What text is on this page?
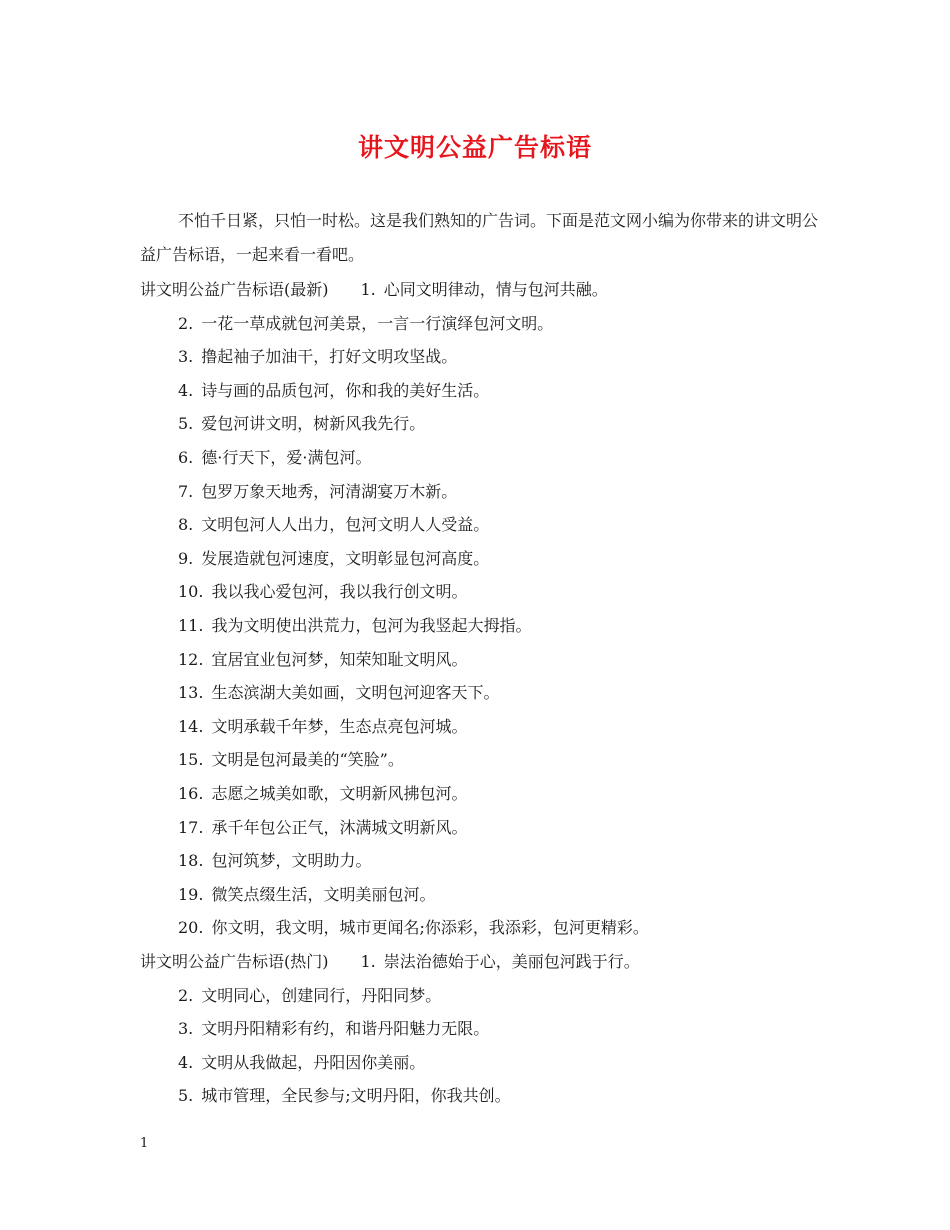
讲文明公益广告标语
不怕千日紧，只怕一时松。这是我们熟知的广告词。下面是范文网小编为你带来的讲文明公益广告标语，一起来看一看吧。
讲文明公益广告标语(最新) 1. 心同文明律动，情与包河共融。
2. 一花一草成就包河美景，一言一行演绎包河文明。
3. 撸起袖子加油干，打好文明攻坚战。
4. 诗与画的品质包河，你和我的美好生活。
5. 爱包河讲文明，树新风我先行。
6. 德·行天下，爱·满包河。
7. 包罗万象天地秀，河清湖宴万木新。
8. 文明包河人人出力，包河文明人人受益。
9. 发展造就包河速度，文明彰显包河高度。
10. 我以我心爱包河，我以我行创文明。
11. 我为文明使出洪荒力，包河为我竖起大拇指。
12. 宜居宜业包河梦，知荣知耻文明风。
13. 生态滨湖大美如画，文明包河迎客天下。
14. 文明承载千年梦，生态点亮包河城。
15. 文明是包河最美的“笑脸”。
16. 志愿之城美如歌，文明新风拂包河。
17. 承千年包公正气，沐满城文明新风。
18. 包河筑梦，文明助力。
19. 微笑点缀生活，文明美丽包河。
20. 你文明，我文明，城市更闻名;你添彩，我添彩，包河更精彩。
讲文明公益广告标语(热门) 1. 崇法治德始于心，美丽包河践于行。
2. 文明同心，创建同行，丹阳同梦。
3. 文明丹阳精彩有约，和谐丹阳魅力无限。
4. 文明从我做起，丹阳因你美丽。
5. 城市管理，全民参与;文明丹阳，你我共创。
1
